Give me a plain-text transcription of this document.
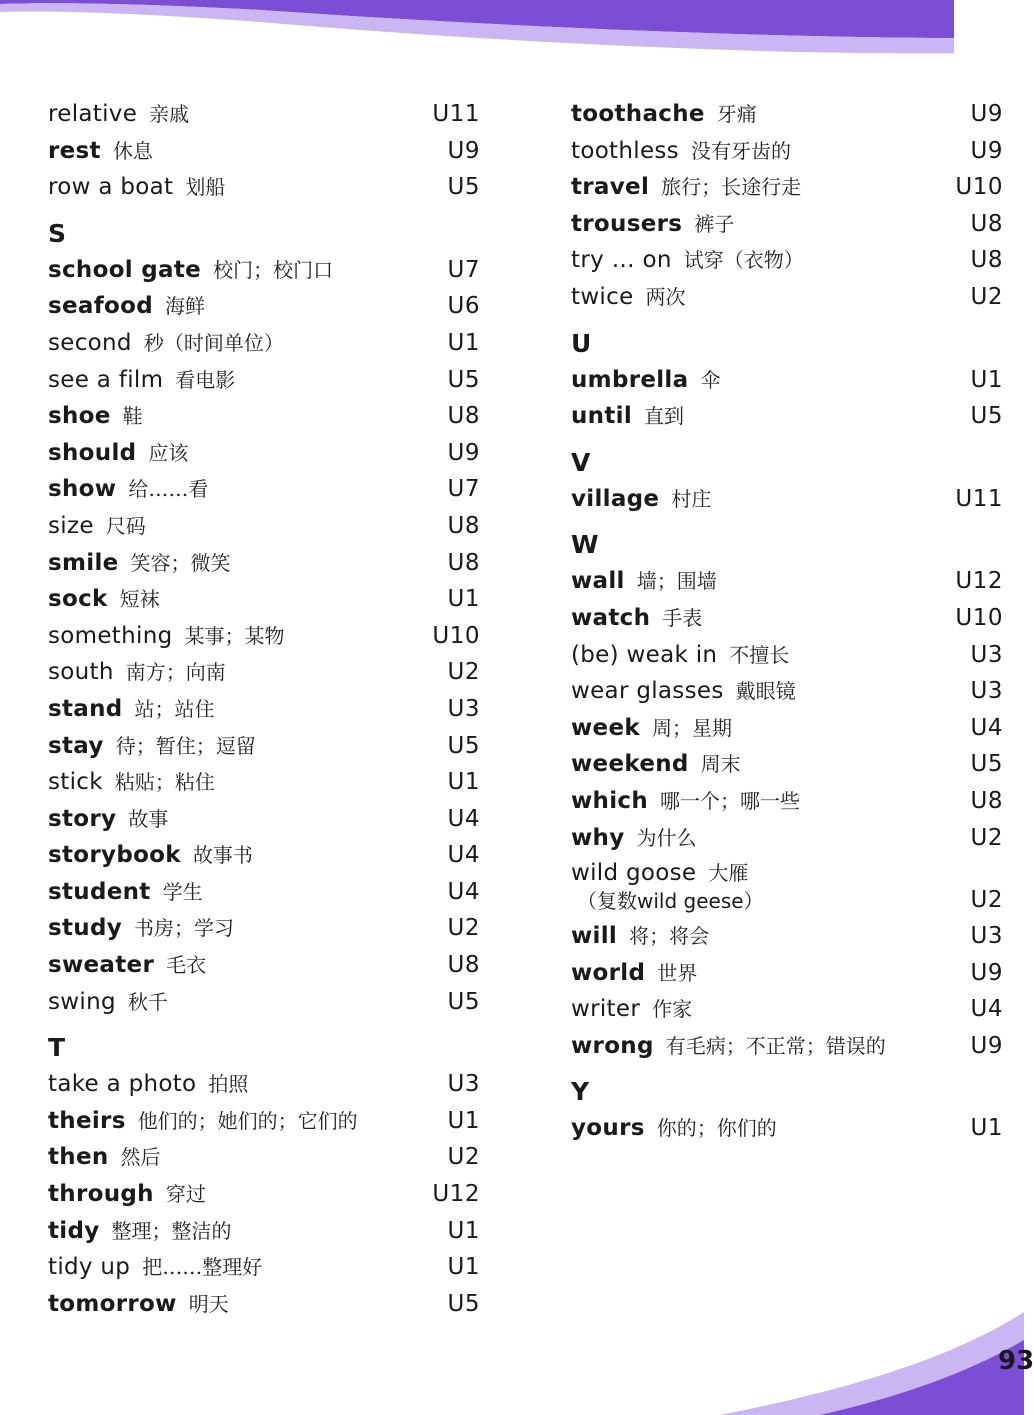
relative 亲戚	U11
rest 休息	U9
row a boat 划船	U5
S
school gate 校门；校门口	U7
seafood 海鲜	U6
second 秒（时间单位）	U1
see a film 看电影	U5
shoe 鞋	U8
should 应该	U9
show 给……看	U7
size 尺码	U8
smile 笑容；微笑	U8
sock 短袜	U1
something 某事；某物	U10
south 南方；向南	U2
stand 站；站住	U3
stay 待；暂住；逗留	U5
stick 粘贴；粘住	U1
story 故事	U4
storybook 故事书	U4
student 学生	U4
study 书房；学习	U2
sweater 毛衣	U8
swing 秋千	U5
T
take a photo 拍照	U3
theirs 他们的；她们的；它们的	U1
then 然后	U2
through 穿过	U12
tidy 整理；整洁的	U1
tidy up 把……整理好	U1
tomorrow 明天	U5
toothache 牙痛	U9
toothless 没有牙齿的	U9
travel 旅行；长途行走	U10
trousers 裤子	U8
try … on 试穿（衣物）	U8
twice 两次	U2
U
umbrella 伞	U1
until 直到	U5
V
village 村庄	U11
W
wall 墙；围墙	U12
watch 手表	U10
(be) weak in 不擅长	U3
wear glasses 戴眼镜	U3
week 周；星期	U4
weekend 周末	U5
which 哪一个；哪一些	U8
why 为什么	U2
wild goose 大雁
（复数wild geese）	U2
will 将；将会	U3
world 世界	U9
writer 作家	U4
wrong 有毛病；不正常；错误的	U9
Y
yours 你的；你们的	U1
93
